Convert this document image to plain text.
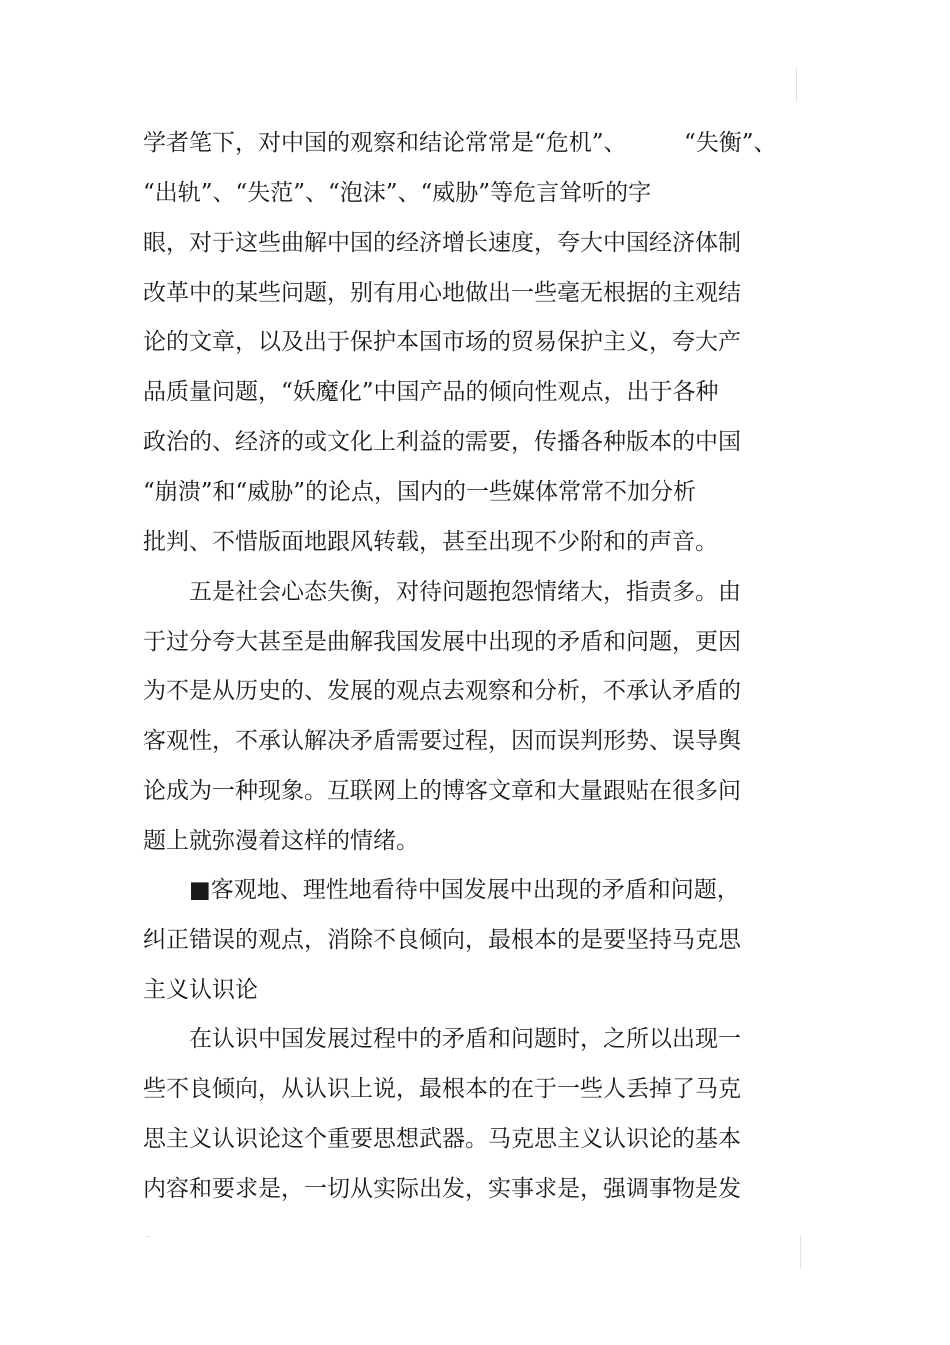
学者笔下，对中国的观察和结论常常是“危机”、　　　“失衡”、
“出轨”、“失范”、“泡沫”、“威胁”等危言耸听的字
眼，对于这些曲解中国的经济增长速度，夸大中国经济体制
改革中的某些问题，别有用心地做出一些毫无根据的主观结
论的文章，以及出于保护本国市场的贸易保护主义，夸大产
品质量问题，“妖魔化”中国产品的倾向性观点，出于各种
政治的、经济的或文化上利益的需要，传播各种版本的中国
“崩溃”和“威胁”的论点，国内的一些媒体常常不加分析
批判、不惜版面地跟风转载，甚至出现不少附和的声音。
　　五是社会心态失衡，对待问题抱怨情绪大，指责多。由
于过分夸大甚至是曲解我国发展中出现的矛盾和问题，更因
为不是从历史的、发展的观点去观察和分析，不承认矛盾的
客观性，不承认解决矛盾需要过程，因而误判形势、误导舆
论成为一种现象。互联网上的博客文章和大量跟贴在很多问
题上就弥漫着这样的情绪。
　　■客观地、理性地看待中国发展中出现的矛盾和问题，
纠正错误的观点，消除不良倾向，最根本的是要坚持马克思
主义认识论
　　在认识中国发展过程中的矛盾和问题时，之所以出现一
些不良倾向，从认识上说，最根本的在于一些人丢掉了马克
思主义认识论这个重要思想武器。马克思主义认识论的基本
内容和要求是，一切从实际出发，实事求是，强调事物是发
